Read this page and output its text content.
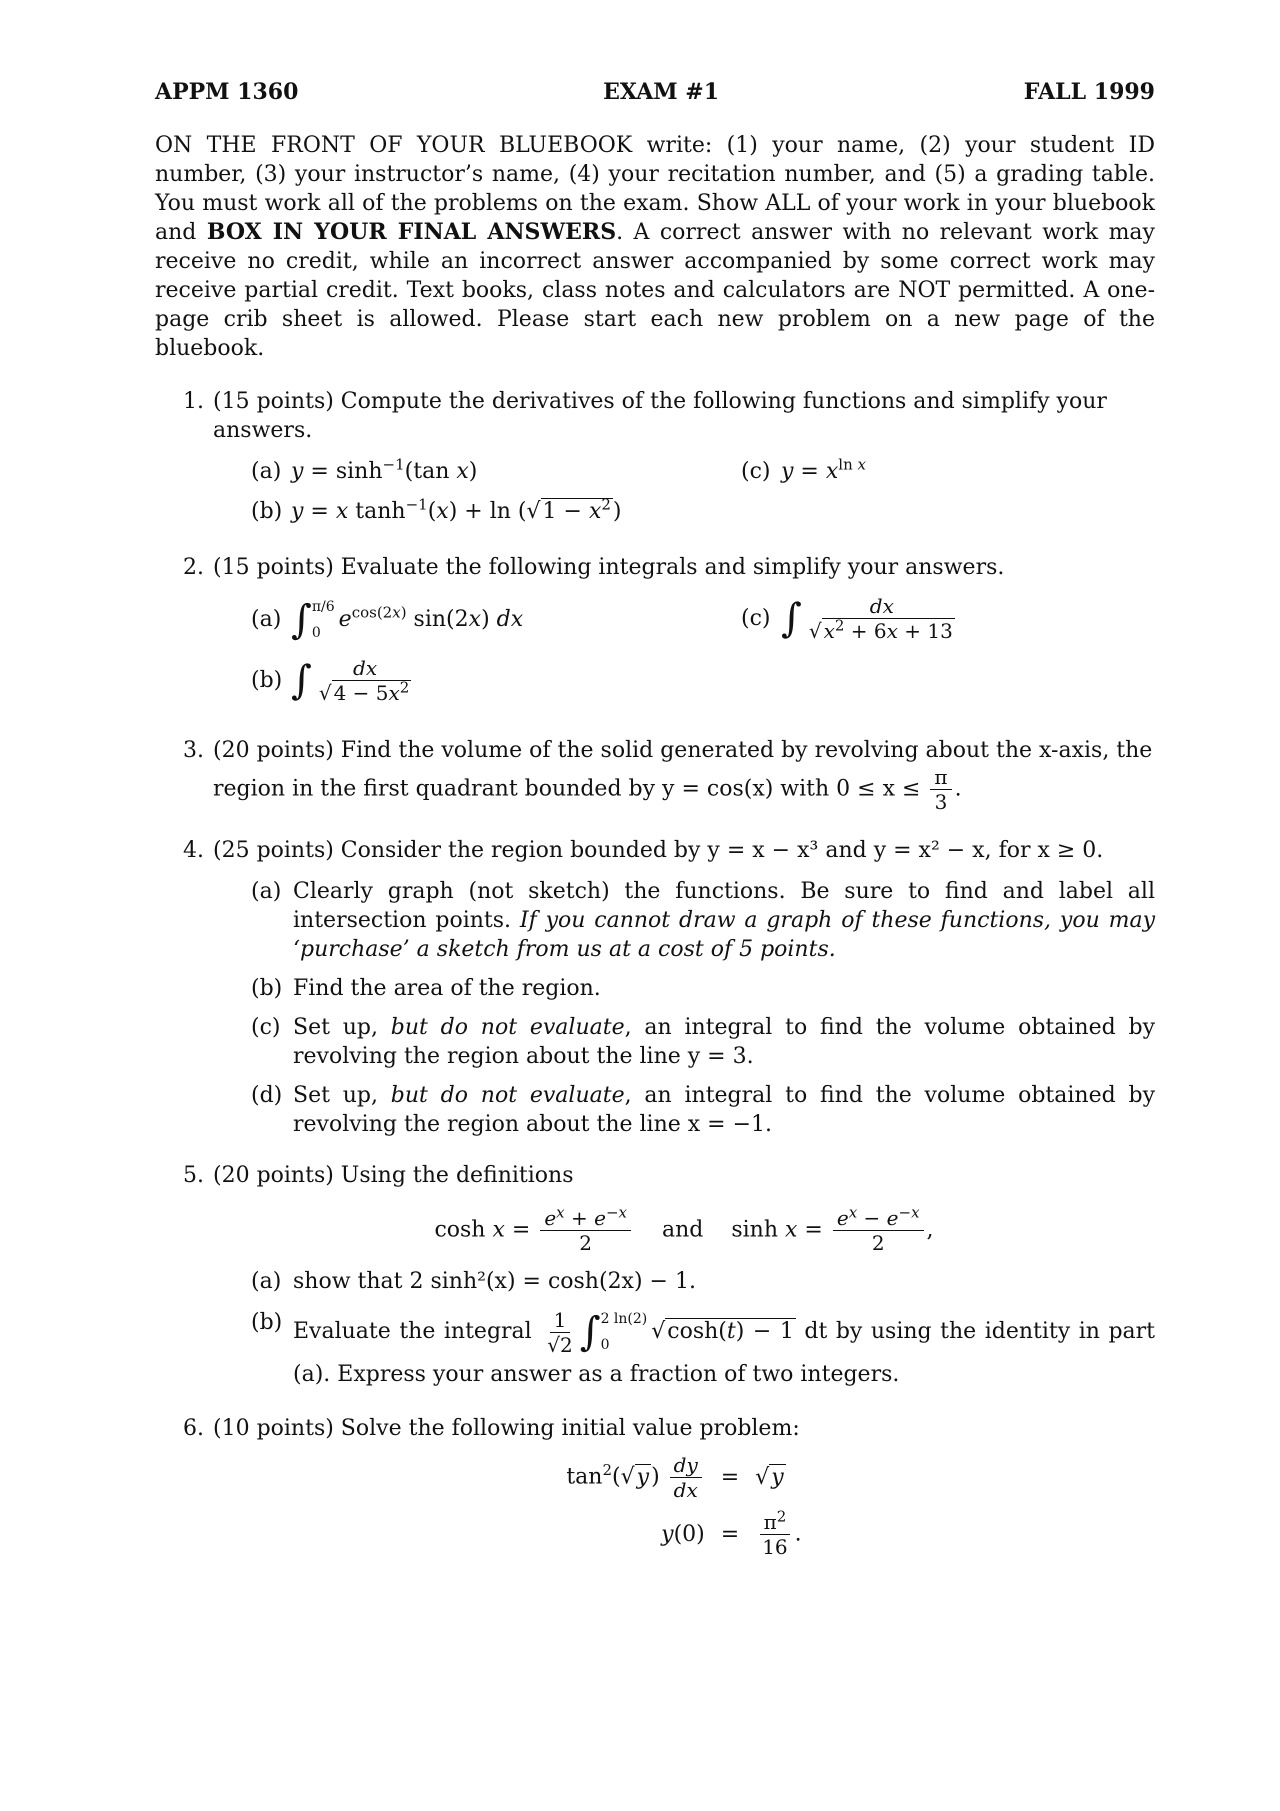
APPM 1360	EXAM #1	FALL 1999
ON THE FRONT OF YOUR BLUEBOOK write: (1) your name, (2) your student ID number, (3) your instructor’s name, (4) your recitation number, and (5) a grading table. You must work all of the problems on the exam. Show ALL of your work in your bluebook and BOX IN YOUR FINAL ANSWERS. A correct answer with no relevant work may receive no credit, while an incorrect answer accompanied by some correct work may receive partial credit. Text books, class notes and calculators are NOT permitted. A one-page crib sheet is allowed. Please start each new problem on a new page of the bluebook.
1. (15 points) Compute the derivatives of the following functions and simplify your answers.
(a) $y = \sinh^{-1}(\tan$ x)	(c) $y = x^{ln x}$
(b) y = x $\tanh^{-1}(x) + \ln (√1 - x^2)$
2. (15 points) Evaluate the following integrals and simplify your answers.
(a) ∫ π/6
0
$e^{cos(2x)}$ sin(2x) dx	(c) ∫ $\frac{dx}{√ x^2 + 6x + 13}$
(b) ∫ $\frac{dx}{√ 4 - 5x^2}$
3. (20 points) Find the volume of the solid generated by revolving about the x-axis, the region in the first quadrant bounded by y = cos(x) with $0 \le x \le \frac{\pi}{3}$ .
4. (25 points) Consider the region bounded by y = x − x³ and y = x² − x, for x ≥ 0.
(a) Clearly graph (not sketch) the functions. Be sure to find and label all intersection points. If you cannot draw a graph of these functions, you may ‘purchase’ a sketch from us at a cost of 5 points.
(b) Find the area of the region.
(c) Set up, but do not evaluate, an integral to find the volume obtained by revolving the region about the line y = 3.
(d) Set up, but do not evaluate, an integral to find the volume obtained by revolving the region about the line x = −1.
5. (20 points) Using the definitions
$\cosh x = \frac{e^x + e^{-x}}{2}$ and    $\sinh x = \frac{e^x - e^{-x}}{2}$ ,
(a) show that 2 sinh²(x) = cosh(2x) − 1.
(b) Evaluate the integral $\frac{1}{√2}$ ∫ 2 ln(2)
0
√cosh(t) − 1 dt by using the identity in part (a). Express your answer as a fraction of two integers.
6. (10 points) Solve the following initial value problem:
$\tan^2(√y) \frac{dy}{dx}$	=	√y
y(0)	=	$\frac{\pi^2}{16}$ .
